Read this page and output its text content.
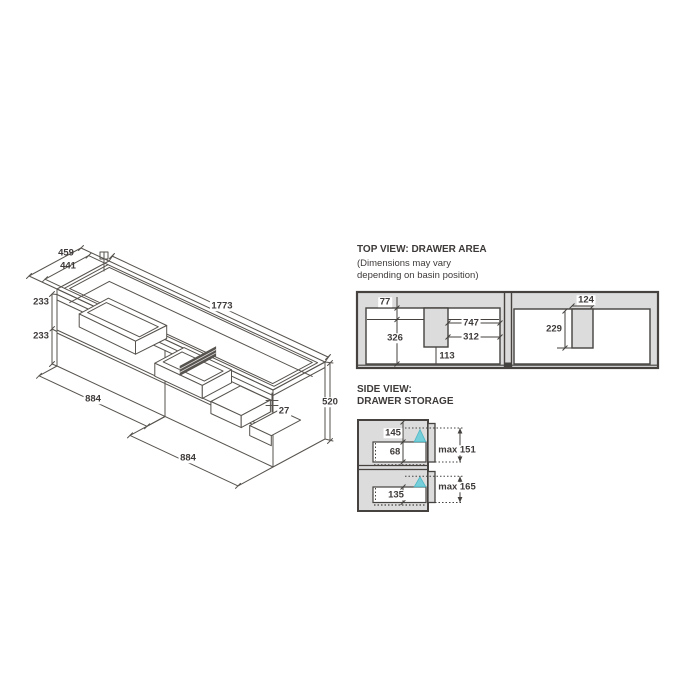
459
441
233
233
1773
884
884
520
27
TOP VIEW: DRAWER AREA
(Dimensions may vary
depending on basin position)
77
326
747
312
113
124
229
SIDE VIEW:
DRAWER STORAGE
145
68	max 151
135
max 165
